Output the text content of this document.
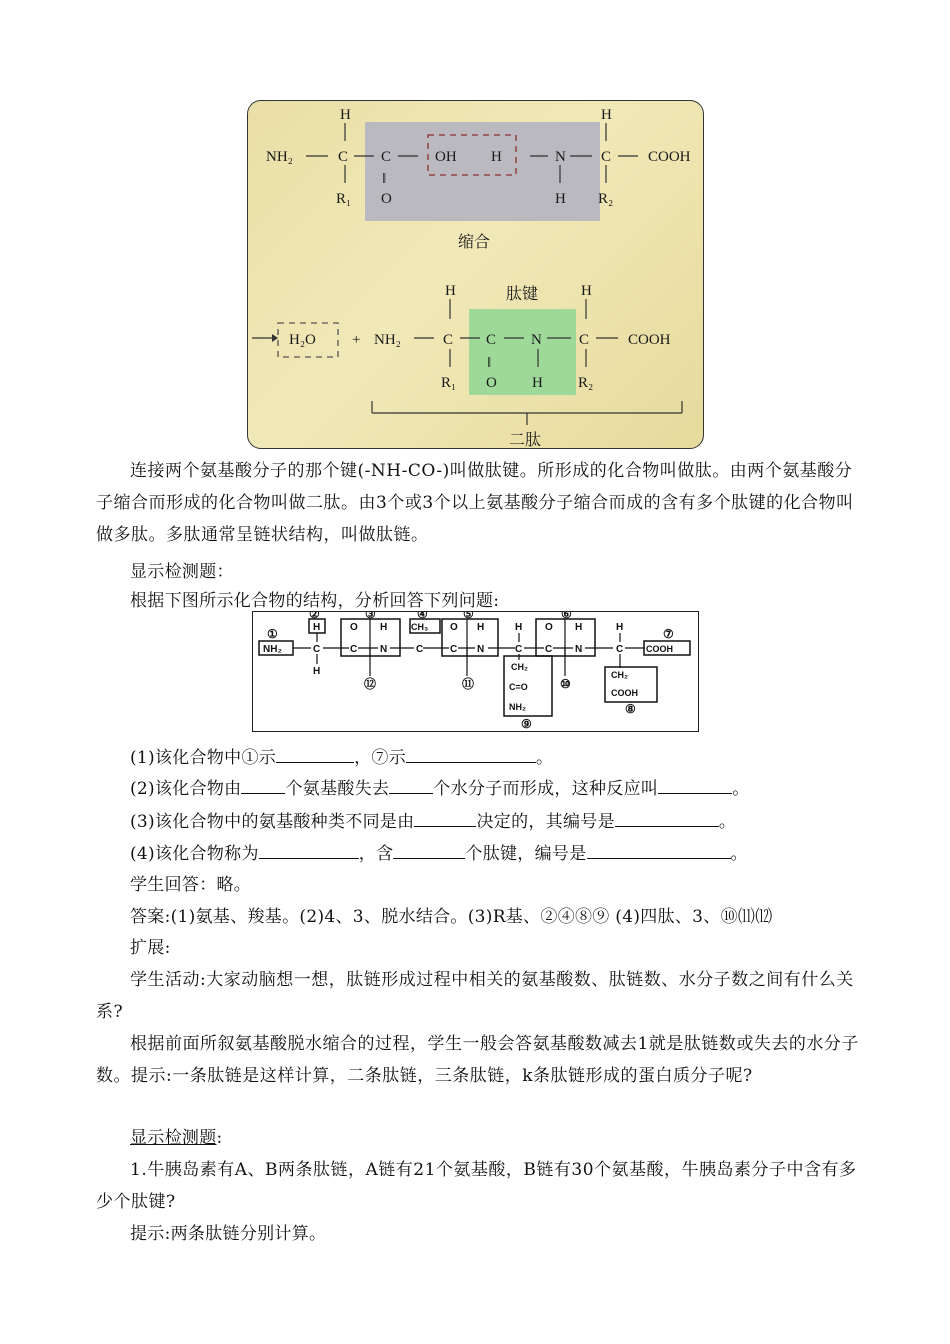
H
NH₂	C C	OH H	N C COOH
H
R₁
‖
O	H R₂
缩合
肽键
H	H
H₂O + NH₂	C C N C	COOH
R₁
‖
O H R₂
二肽
连接两个氨基酸分子的那个键(-NH-CO-)叫做肽键。所形成的化合物叫做肽。由两个氨基酸分子缩合而形成的化合物叫做二肽。由3个或3个以上氨基酸分子缩合而成的含有多个肽键的化合物叫做多肽。多肽通常呈链状结构，叫做肽链。
显示检测题：
根据下图所示化合物的结构，分析回答下列问题:
NH₂	C
H
H
C
O
N
H
C
CH₃
C
O
N
H
C
H
CH₂
C=O
NH₂
C
O
N
H
C
H
CH₂
COOH
COOH
①
②	③	④	⑤	⑥
⑦
⑧
⑨
⑩
⑪
⑫
(1)该化合物中①示	，⑦示	。
(2)该化合物由	个氨基酸失去	个水分子而形成，这种反应叫	。
(3)该化合物中的氨基酸种类不同是由	决定的，其编号是	。
(4)该化合物称为	，含	个肽键，编号是	。
学生回答：略。
答案:(1)氨基、羧基。(2)4、3、脱水结合。(3)R基、②④⑧⑨ (4)四肽、3、⑩⑾⑿
扩展:
学生活动:大家动脑想一想，肽链形成过程中相关的氨基酸数、肽链数、水分子数之间有什么关系?
根据前面所叙氨基酸脱水缩合的过程，学生一般会答氨基酸数减去1就是肽链数或失去的水分子数。提示:一条肽链是这样计算，二条肽链，三条肽链，k条肽链形成的蛋白质分子呢?
显示检测题:
1.牛胰岛素有A、B两条肽链，A链有21个氨基酸，B链有30个氨基酸，牛胰岛素分子中含有多少个肽键?
提示:两条肽链分别计算。
